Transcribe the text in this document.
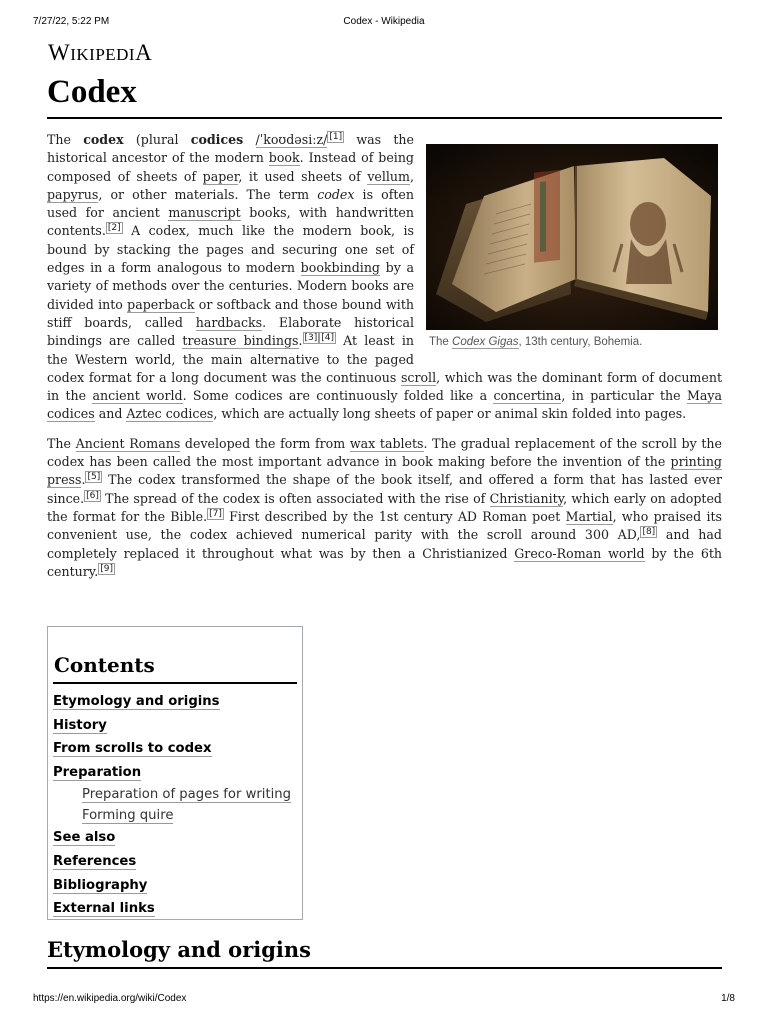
7/27/22, 5:22 PM	Codex - Wikipedia
WIKIPEDIA
Codex
The Codex Gigas, 13th century, Bohemia.

The codex (plural codices /ˈkoʊdəsiːz/ [1] was the historical ancestor of the modern book. Instead of being composed of sheets of paper, it used sheets of vellum, papyrus, or other materials. The term codex is often used for ancient manuscript books, with handwritten contents. [2] A codex, much like the modern book, is bound by stacking the pages and securing one set of edges in a form analogous to modern bookbinding by a variety of methods over the centuries. Modern books are divided into paperback or softback and those bound with stiff boards, called hardbacks. Elaborate historical bindings are called treasure bindings. [3] [4] At least in the Western world, the main alternative to the paged codex format for a long document was the continuous scroll, which was the dominant form of document in the ancient world. Some codices are continuously folded like a concertina, in particular the Maya codices and Aztec codices, which are actually long sheets of paper or animal skin folded into pages.

The Ancient Romans developed the form from wax tablets. The gradual replacement of the scroll by the codex has been called the most important advance in book making before the invention of the printing press. [5] The codex transformed the shape of the book itself, and offered a form that has lasted ever since. [6] The spread of the codex is often associated with the rise of Christianity, which early on adopted the format for the Bible. [7] First described by the 1st century AD Roman poet Martial, who praised its convenient use, the codex achieved numerical parity with the scroll around 300 AD, [8] and had completely replaced it throughout what was by then a Christianized Greco-Roman world by the 6th century. [9]

Contents
Etymology and origins
History
From scrolls to codex
Preparation
Preparation of pages for writing
Forming quire
See also
References
Bibliography
External links
Etymology and origins
https://en.wikipedia.org/wiki/Codex	1/8
